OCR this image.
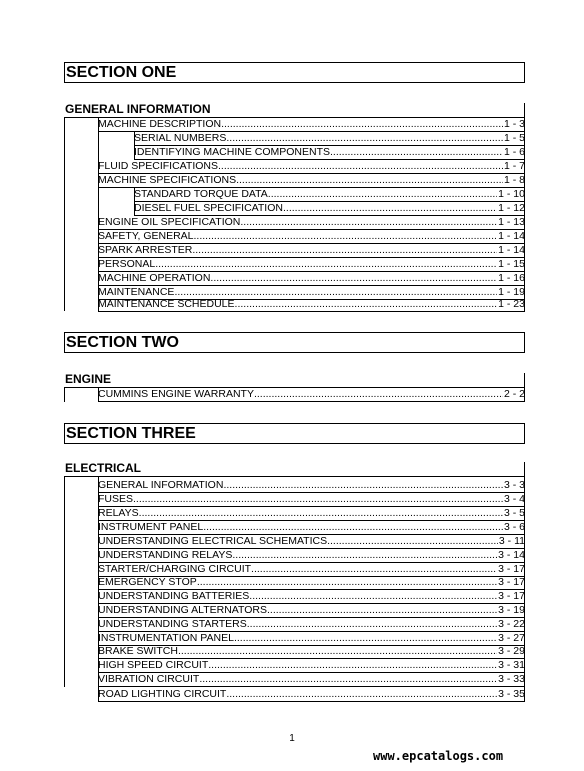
SECTION ONE
GENERAL INFORMATION
MACHINE DESCRIPTION .....	1 - 3
SERIAL NUMBERS .....	1 - 5
IDENTIFYING MACHINE COMPONENTS .....	1 - 6
FLUID SPECIFICATIONS .....	1 - 7
MACHINE SPECIFICATIONS .....	1 - 8
STANDARD TORQUE DATA .....	1 - 10
DIESEL FUEL SPECIFICATION .....	1 - 12
ENGINE OIL SPECIFICATION .....	1 - 13
SAFETY, GENERAL .....	1 - 14
SPARK ARRESTER .....	1 - 14
PERSONAL .....	1 - 15
MACHINE OPERATION .....	1 - 16
MAINTENANCE .....	1 - 19
MAINTENANCE SCHEDULE .....	1 - 23
SECTION TWO
ENGINE
CUMMINS ENGINE WARRANTY .....	2 - 2
SECTION THREE
ELECTRICAL
GENERAL INFORMATION .....	3 - 3
FUSES .....	3 - 4
RELAYS .....	3 - 5
INSTRUMENT PANEL .....	3 - 6
UNDERSTANDING ELECTRICAL SCHEMATICS .....	3 - 11
UNDERSTANDING RELAYS .....	3 - 14
STARTER/CHARGING CIRCUIT .....	3 - 17
EMERGENCY STOP .....	3 - 17
UNDERSTANDING BATTERIES .....	3 - 17
UNDERSTANDING ALTERNATORS .....	3 - 19
UNDERSTANDING STARTERS .....	3 - 22
INSTRUMENTATION PANEL .....	3 - 27
BRAKE SWITCH .....	3 - 29
HIGH SPEED CIRCUIT .....	3 - 31
VIBRATION CIRCUIT .....	3 - 33
ROAD LIGHTING CIRCUIT .....	3 - 35
1
www.epcatalogs.com
